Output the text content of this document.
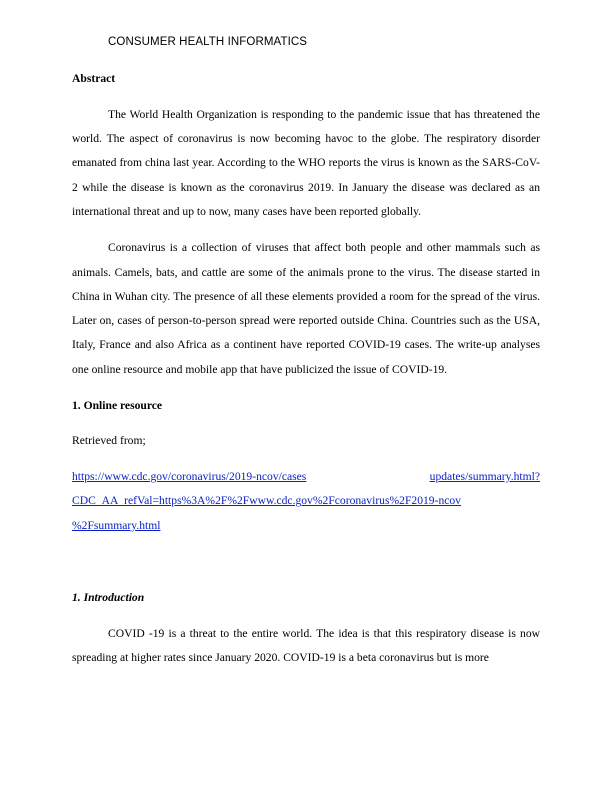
CONSUMER HEALTH INFORMATICS

Abstract

The World Health Organization is responding to the pandemic issue that has threatened the world. The aspect of coronavirus is now becoming havoc to the globe. The respiratory disorder emanated from china last year. According to the WHO reports the virus is known as the SARS-CoV-2 while the disease is known as the coronavirus 2019. In January the disease was declared as an international threat and up to now, many cases have been reported globally.

Coronavirus is a collection of viruses that affect both people and other mammals such as animals. Camels, bats, and cattle are some of the animals prone to the virus. The disease started in China in Wuhan city. The presence of all these elements provided a room for the spread of the virus. Later on, cases of person-to-person spread were reported outside China. Countries such as the USA, Italy, France and also Africa as a continent have reported COVID-19 cases. The write-up analyses one online resource and mobile app that have publicized the issue of COVID-19.

1. Online resource

Retrieved from;

https://www.cdc.gov/coronavirus/2019-ncov/cases	updates/summary.html?
CDC_AA_refVal=https%3A%2F%2Fwww.cdc.gov%2Fcoronavirus%2F2019-ncov
%2Fsummary.html

1. Introduction

COVID -19 is a threat to the entire world. The idea is that this respiratory disease is now spreading at higher rates since January 2020. COVID-19 is a beta coronavirus but is more
